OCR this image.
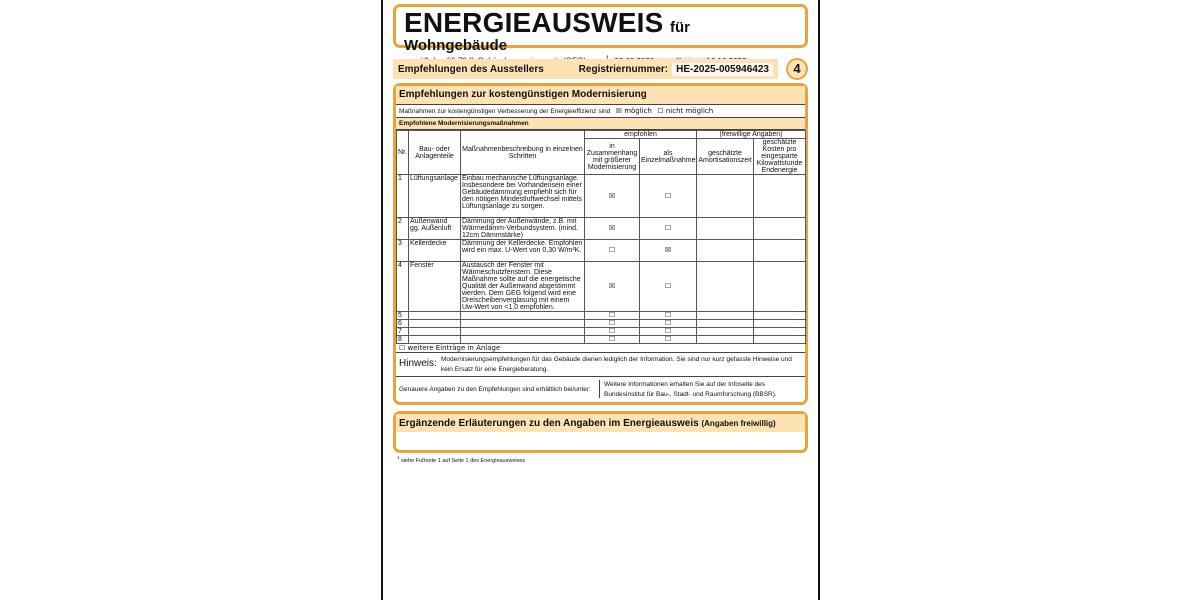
ENERGIEAUSWEIS für Wohngebäude
Empfehlungen des Ausstellers	Registriernummer: HE-2025-005946423	4
Empfehlungen zur kostengünstigen Modernisierung
Maßnahmen zur kostengünstigen Verbesserung der Energieeffizienz sind ☒ möglich ☐ nicht möglich
Empfohlene Modernisierungsmaßnahmen
Nr.	Bau- oder Anlagenteile	Maßnahmenbeschreibung in einzelnen Schritten	empfohlen		(freiwillige Angaben)	
			in Zusammenhang mit größerer Modernisierung	als Einzelmaßnahme	geschätzte Amortisationszeit	geschätzte Kosten pro eingesparte Kilowattstunde Endenergie
1	Lüftungsanlage	Einbau mechanische Lüftungsanlage. Insbesondere bei Vorhandensein einer Gebäudedämmung empfiehlt sich für den nötigen Mindestluftwechsel mittels Lüftungsanlage zu sorgen.	☒	☐		
2	Außenwand gg. Außenluft	Dämmung der Außenwände, z.B. mit Wärmedämm-Verbundsystem. (mind. 12cm Dämmstärke)	☒	☐		
3	Kellerdecke	Dämmung der Kellerdecke. Empfohlen wird ein max. U-Wert von 0,30 W/m²K.	☐	☒		
4	Fenster	Austausch der Fenster mit Wärmeschutzfenstern. Diese Maßnahme sollte auf die energetische Qualität der Außenwand abgestimmt werden. Dem GEG folgend wird eine Dreischeibenverglasung mit einem Uw-Wert von <1,0 empfohlen.	☒	☐		
5			☐	☐		
6			☐	☐		
7			☐	☐		
8			☐	☐		
☐ weitere Einträge in Anlage
Hinweis: Modernisierungsempfehlungen für das Gebäude dienen lediglich der Information. Sie sind nur kurz gefasste Hinweise und kein Ersatz für eine Energieberatung.
Genauere Angaben zu den Empfehlungen sind erhältlich bei/unter:
Weitere Informationen erhalten Sie auf der Infoseite des Bundesinstitut für Bau-, Stadt- und Raumforschung (BBSR).
Ergänzende Erläuterungen zu den Angaben im Energieausweis (Angaben freiwillig)
$^1$ siehe Fußnote 1 auf Seite 1 des Energieausweises
